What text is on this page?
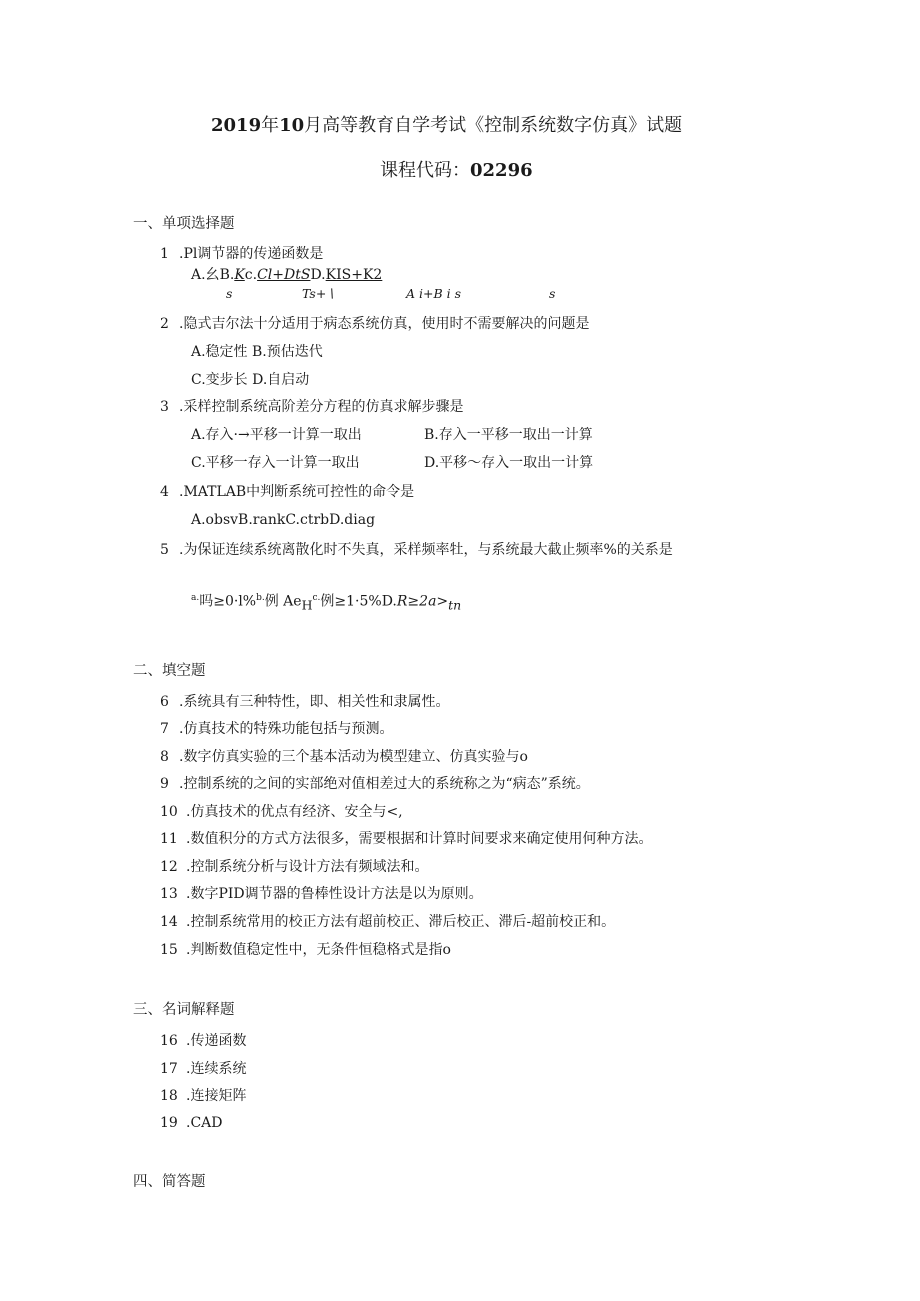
2019年10月高等教育自学考试《控制系统数字仿真》试题
课程代码：02296
一、单项选择题
1 .Pl调节器的传递函数是
A.幺B.Kc.Cl+DtSD.KIS+K2
s	Ts+∖	A i+B i s	s
2 .隐式吉尔法十分适用于病态系统仿真，使用时不需要解决的问题是
A.稳定性 B.预估迭代
C.变步长 D.自启动
3 .采样控制系统高阶差分方程的仿真求解步骤是
A.存入·→平移一计算一取出	B.存入一平移一取出一计算
C.平移一存入一计算一取出	D.平移～存入一取出一计算
4 .MATLAB中判断系统可控性的命令是
A.obsvB.rankC.ctrbD.diag
5 .为保证连续系统离散化时不失真，采样频率牡，与系统最大截止频率%的关系是
$^{a.}$吗≥0·l%$^{b.}$例 $Ae_H^{c.}$例$\ge 1\cdot 5\%D.R\ge 2a>_{tn}$
二、填空题
6 .系统具有三种特性，即、相关性和隶属性。
7 .仿真技术的特殊功能包括与预测。
8 .数字仿真实验的三个基本活动为模型建立、仿真实验与o
9 .控制系统的之间的实部绝对值相差过大的系统称之为“病态”系统。
10 .仿真技术的优点有经济、安全与<,
11 .数值积分的方式方法很多，需要根据和计算时间要求来确定使用何种方法。
12 .控制系统分析与设计方法有频域法和。
13 .数字PID调节器的鲁棒性设计方法是以为原则。
14 .控制系统常用的校正方法有超前校正、滞后校正、滞后-超前校正和。
15 .判断数值稳定性中，无条件恒稳格式是指o
三、名词解释题
16 .传递函数
17 .连续系统
18 .连接矩阵
19 .CAD
四、简答题
